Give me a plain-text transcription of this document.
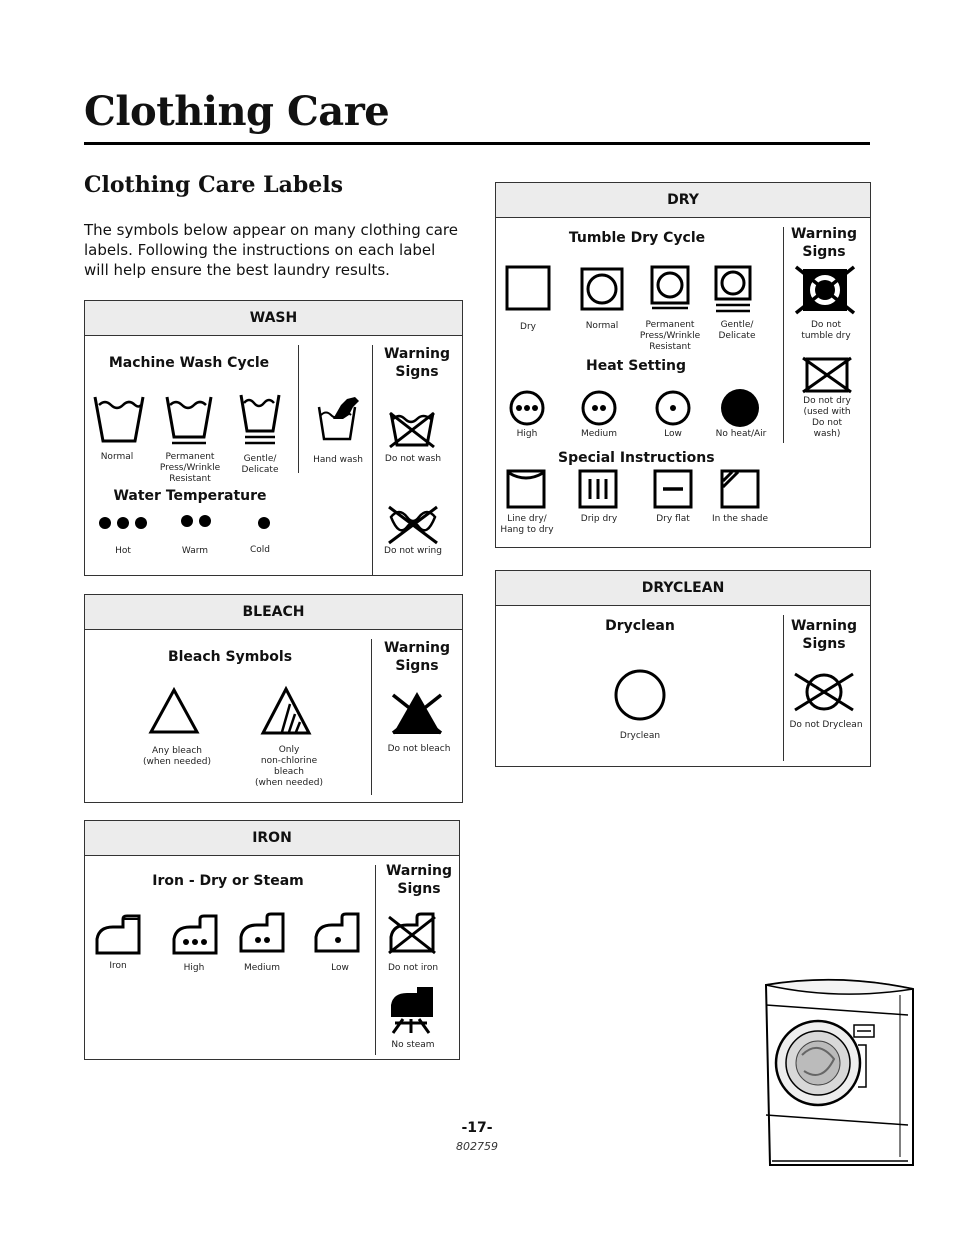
Clothing Care
Clothing Care Labels
The symbols below appear on many clothing care labels. Following the instructions on each label will help ensure the best laundry results.
WASH
Machine Wash Cycle
Warning Signs
Normal	Permanent
Press/Wrinkle
Resistant
Gentle/
Delicate
Hand wash	Do not wash
Water Temperature
Hot	Warm	Cold	Do not wring
BLEACH
Bleach Symbols
Warning Signs
Any bleach
(when needed)
Only
non-chlorine
bleach
(when needed)
Do not bleach
IRON
Iron - Dry or Steam
Warning Signs
Iron	High	Medium	Low	Do not iron
No steam
DRY
Tumble Dry Cycle	Warning Signs
Dry	Normal	Permanent
Press/Wrinkle
Resistant
Gentle/
Delicate
Do not
tumble dry
Heat Setting
Do not dry
(used with
Do not
wash)
High	Medium	Low	No heat/Air
Special Instructions
Line dry/
Hang to dry
Drip dry	Dry flat	In the shade
DRYCLEAN
Dryclean	Warning Signs
Dryclean
Do not Dryclean
-17-
802759
